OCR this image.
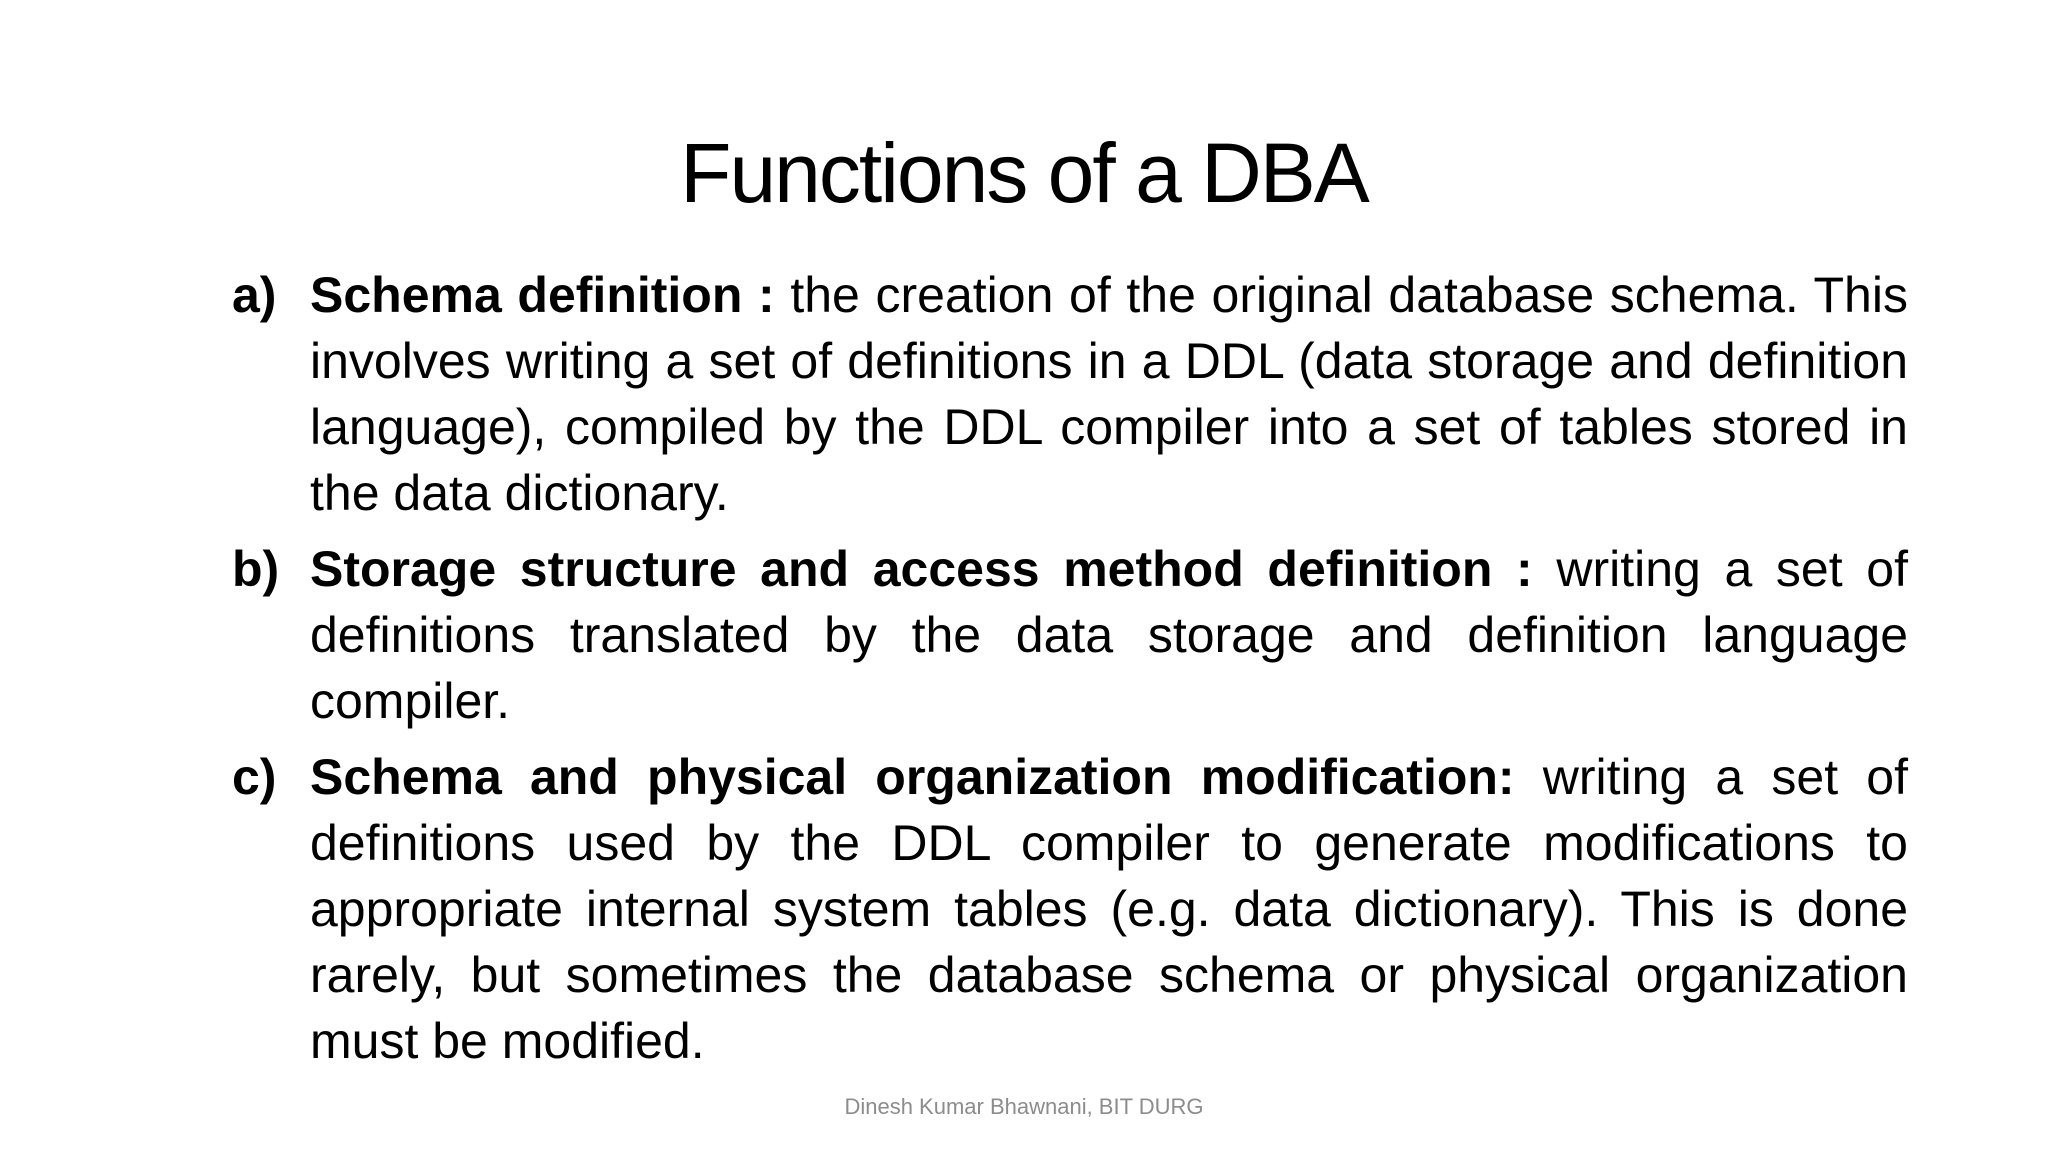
Functions of a DBA
a) Schema definition : the creation of the original database schema. This involves writing a set of definitions in a DDL (data storage and definition language), compiled by the DDL compiler into a set of tables stored in the data dictionary.
b) Storage structure and access method definition : writing a set of definitions translated by the data storage and definition language compiler.
c) Schema and physical organization modification: writing a set of definitions used by the DDL compiler to generate modifications to appropriate internal system tables (e.g. data dictionary). This is done rarely, but sometimes the database schema or physical organization must be modified.
Dinesh Kumar Bhawnani, BIT DURG
